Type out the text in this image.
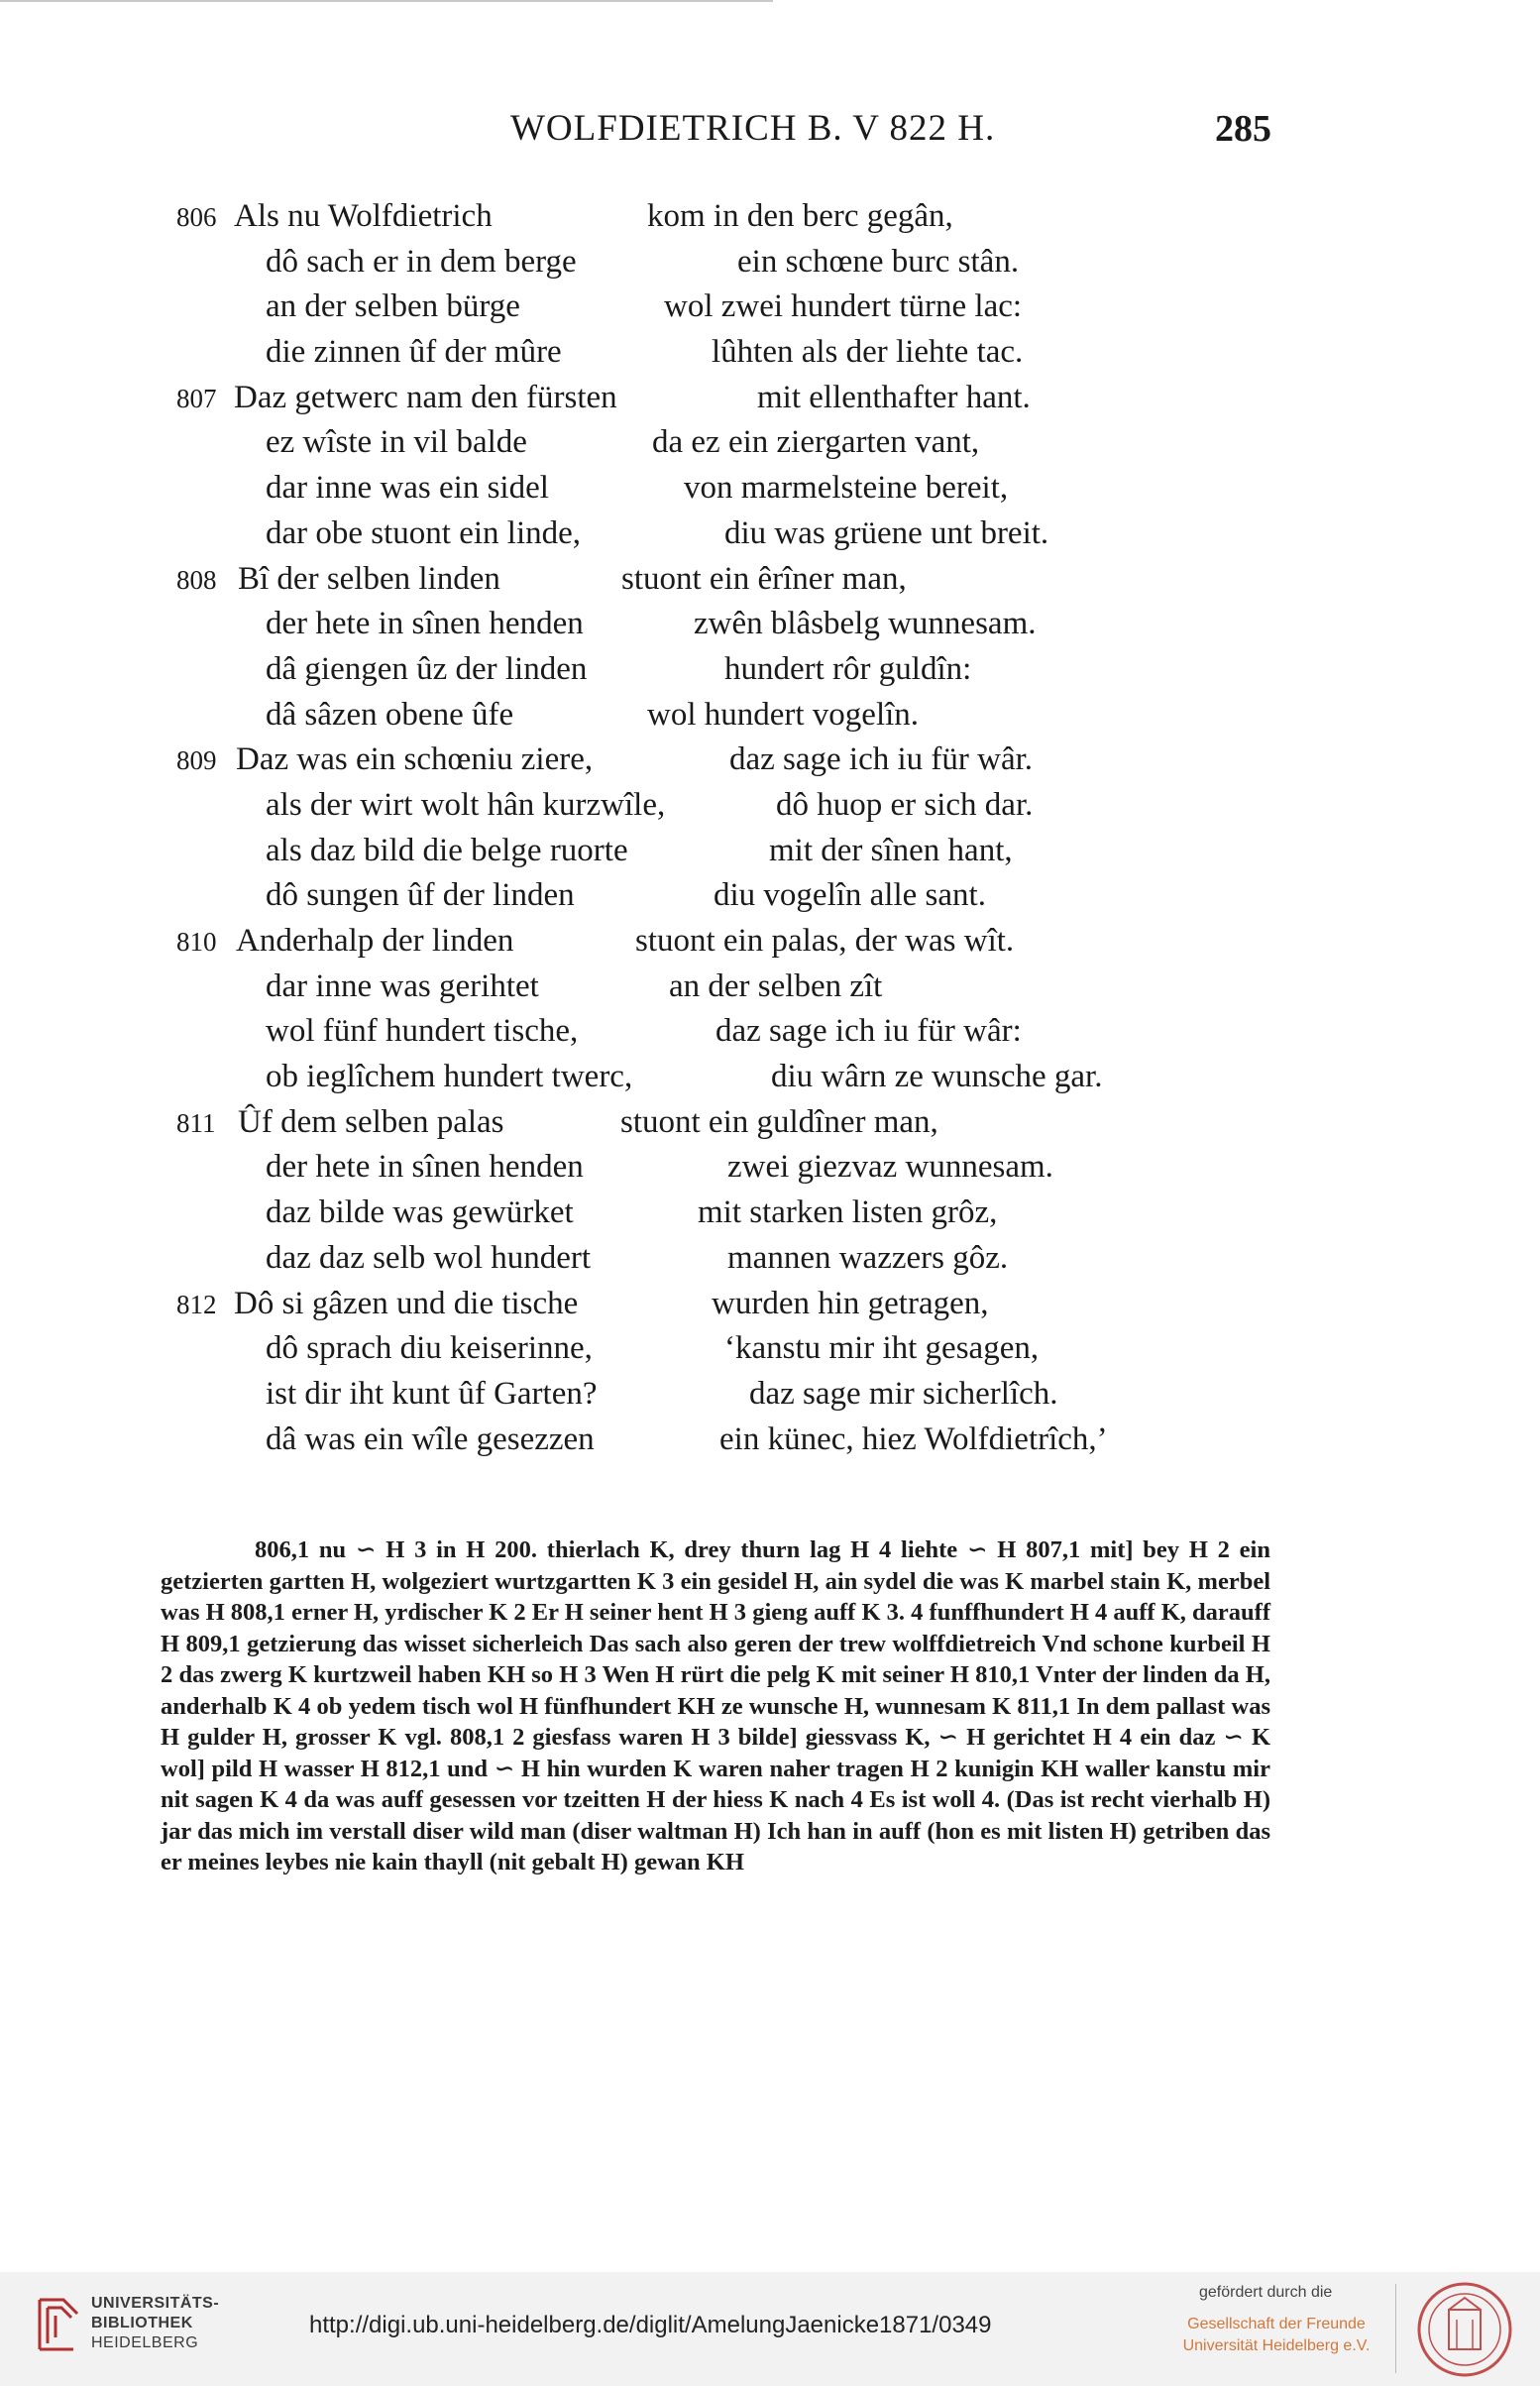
WOLFDIETRICH B. V 822 H.	285
806 Als nu Wolfdietrich	kom in den berc gegân,
dô sach er in dem berge	ein schœne burc stân.
an der selben bürge	wol zwei hundert türne lac:
die zinnen ûf der mûre	lûhten als der liehte tac.
807 Daz getwerc nam den fürsten	mit ellenthafter hant.
ez wîste in vil balde	da ez ein ziergarten vant,
dar inne was ein sidel	von marmelsteine bereit,
dar obe stuont ein linde,	diu was grüene unt breit.
808 Bî der selben linden	stuont ein êrîner man,
der hete in sînen henden	zwên blâsbelg wunnesam.
dâ giengen ûz der linden	hundert rôr guldîn:
dâ sâzen obene ûfe	wol hundert vogelîn.
809 Daz was ein schœniu ziere,	daz sage ich iu für wâr.
als der wirt wolt hân kurzwîle,	dô huop er sich dar.
als daz bild die belge ruorte	mit der sînen hant,
dô sungen ûf der linden	diu vogelîn alle sant.
810 Anderhalp der linden	stuont ein palas, der was wît.
dar inne was gerihtet	an der selben zît
wol fünf hundert tische,	daz sage ich iu für wâr:
ob ieglîchem hundert twerc,	diu wârn ze wunsche gar.
811 Ûf dem selben palas	stuont ein guldîner man,
der hete in sînen henden	zwei giezvaz wunnesam.
daz bilde was gewürket	mit starken listen grôz,
daz daz selb wol hundert	mannen wazzers gôz.
812 Dô si gâzen und die tische	wurden hin getragen,
dô sprach diu keiserinne,	‘kanstu mir iht gesagen,
ist dir iht kunt ûf Garten?	daz sage mir sicherlîch.
dâ was ein wîle gesezzen	ein künec, hiez Wolfdietrîch,’

806,1 nu ∽ H 3 in H 200. thierlach K, drey thurn lag H 4 liehte ∽ H 807,1 mit] bey H 2 ein getzierten gartten H, wolgeziert wurtzgartten K 3 ein gesidel H, ain sydel die was K marbel stain K, merbel was H 808,1 erner H, yrdischer K 2 Er H seiner hent H 3 gieng auff K 3. 4 funffhundert H 4 auff K, darauff H 809,1 getzierung das wisset sicherleich Das sach also geren der trew wolffdietreich Vnd schone kurbeil H 2 das zwerg K kurtzweil haben KH so H 3 Wen H rürt die pelg K mit seiner H 810,1 Vnter der linden da H, anderhalb K 4 ob yedem tisch wol H fünfhundert KH ze wunsche H, wunnesam K 811,1 In dem pallast was H gulder H, grosser K vgl. 808,1 2 giesfass waren H 3 bilde] giessvass K, ∽ H gerichtet H 4 ein daz ∽ K wol] pild H wasser H 812,1 und ∽ H hin wurden K waren naher tragen H 2 kunigin KH waller kanstu mir nit sagen K 4 da was auff gesessen vor tzeitten H der hiess K nach 4 Es ist woll 4. (Das ist recht vierhalb H) jar das mich im verstall diser wild man (diser waltman H) Ich han in auff (hon es mit listen H) getriben das er meines leybes nie kain thayll (nit gebalt H) gewan KH

UNIVERSITÄTS-
BIBLIOTHEK
HEIDELBERG
http://digi.ub.uni-heidelberg.de/diglit/AmelungJaenicke1871/0349
gefördert durch die
Gesellschaft der Freunde
Universität Heidelberg e.V.
